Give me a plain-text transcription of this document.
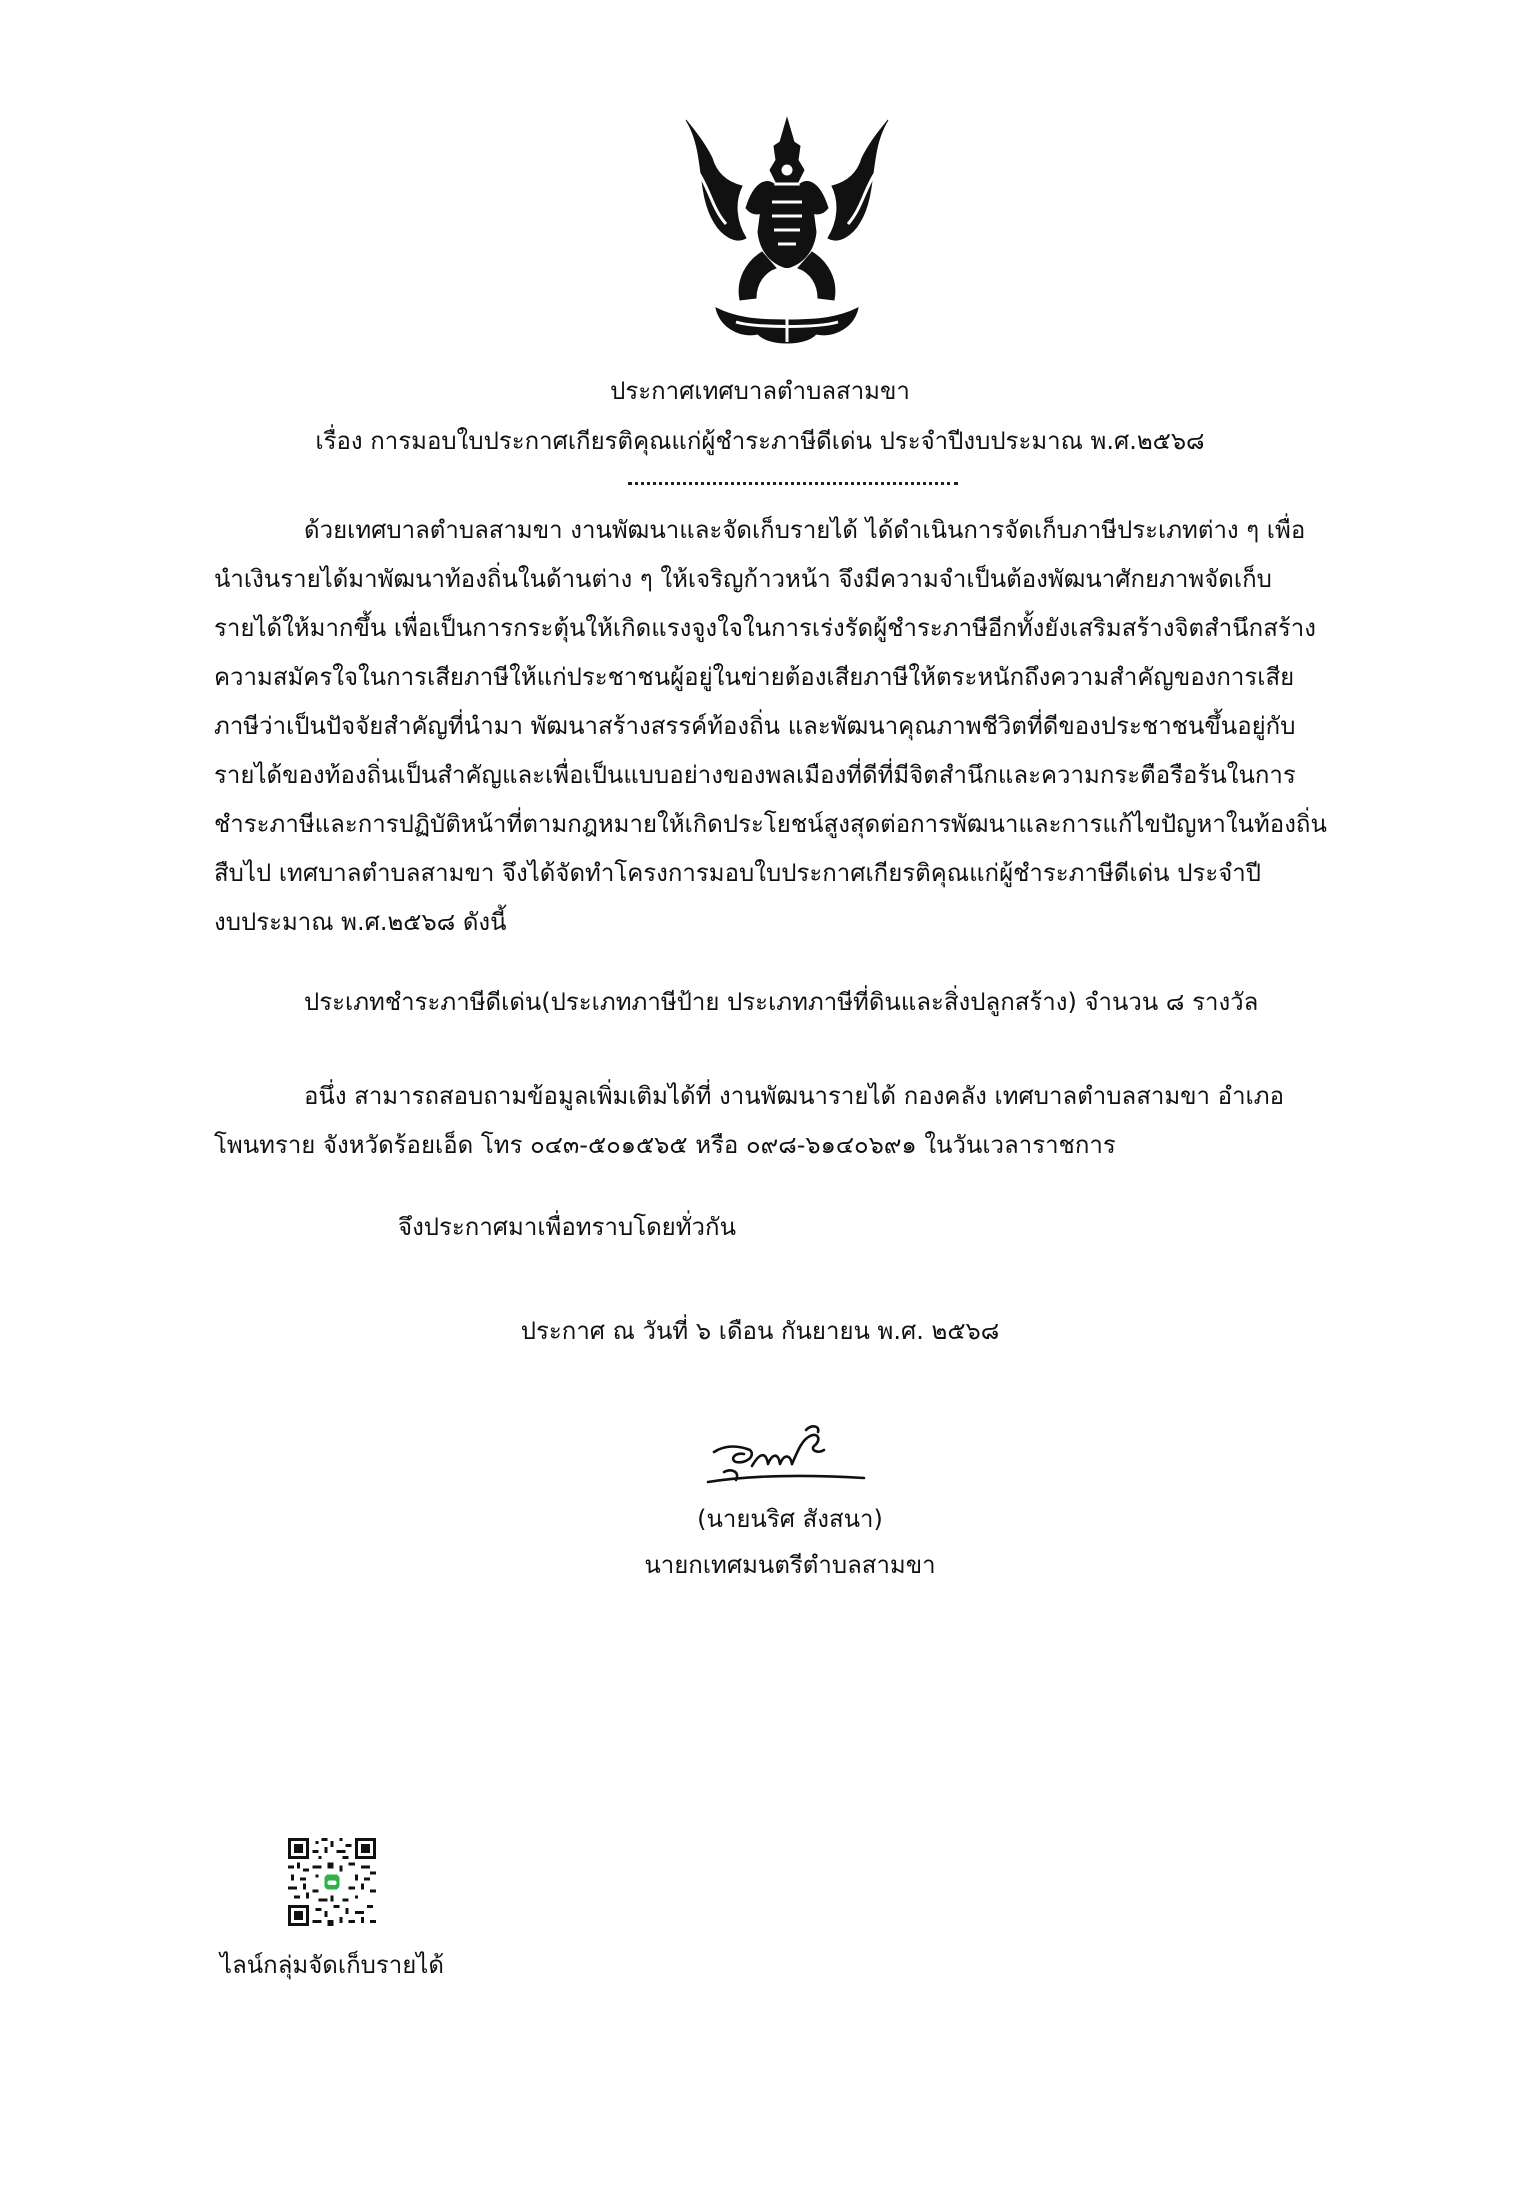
ประกาศเทศบาลตำบลสามขา
เรื่อง การมอบใบประกาศเกียรติคุณแก่ผู้ชำระภาษีดีเด่น ประจำปีงบประมาณ พ.ศ.๒๕๖๘

ด้วยเทศบาลตำบลสามขา งานพัฒนาและจัดเก็บรายได้ ได้ดำเนินการจัดเก็บภาษีประเภทต่าง ๆ เพื่อ

นำเงินรายได้มาพัฒนาท้องถิ่นในด้านต่าง ๆ ให้เจริญก้าวหน้า จึงมีความจำเป็นต้องพัฒนาศักยภาพจัดเก็บ

รายได้ให้มากขึ้น เพื่อเป็นการกระตุ้นให้เกิดแรงจูงใจในการเร่งรัดผู้ชำระภาษีอีกทั้งยังเสริมสร้างจิตสำนึกสร้าง

ความสมัครใจในการเสียภาษีให้แก่ประชาชนผู้อยู่ในข่ายต้องเสียภาษีให้ตระหนักถึงความสำคัญของการเสีย

ภาษีว่าเป็นปัจจัยสำคัญที่นำมา พัฒนาสร้างสรรค์ท้องถิ่น และพัฒนาคุณภาพชีวิตที่ดีของประชาชนขึ้นอยู่กับ

รายได้ของท้องถิ่นเป็นสำคัญและเพื่อเป็นแบบอย่างของพลเมืองที่ดีที่มีจิตสำนึกและความกระตือรือร้นในการ

ชำระภาษีและการปฏิบัติหน้าที่ตามกฎหมายให้เกิดประโยชน์สูงสุดต่อการพัฒนาและการแก้ไขปัญหาในท้องถิ่น

สืบไป เทศบาลตำบลสามขา จึงได้จัดทำโครงการมอบใบประกาศเกียรติคุณแก่ผู้ชำระภาษีดีเด่น ประจำปี

งบประมาณ พ.ศ.๒๕๖๘ ดังนี้

ประเภทชำระภาษีดีเด่น(ประเภทภาษีป้าย ประเภทภาษีที่ดินและสิ่งปลูกสร้าง) จำนวน ๘ รางวัล

อนึ่ง สามารถสอบถามข้อมูลเพิ่มเติมได้ที่ งานพัฒนารายได้ กองคลัง เทศบาลตำบลสามขา อำเภอ

โพนทราย จังหวัดร้อยเอ็ด โทร ๐๔๓-๕๐๑๕๖๕ หรือ ๐๙๘-๖๑๔๐๖๙๑ ในวันเวลาราชการ

จึงประกาศมาเพื่อทราบโดยทั่วกัน
ประกาศ ณ วันที่ ๖ เดือน กันยายน พ.ศ. ๒๕๖๘
(นายนริศ สังสนา)
นายกเทศมนตรีตำบลสามขา
ไลน์กลุ่มจัดเก็บรายได้
